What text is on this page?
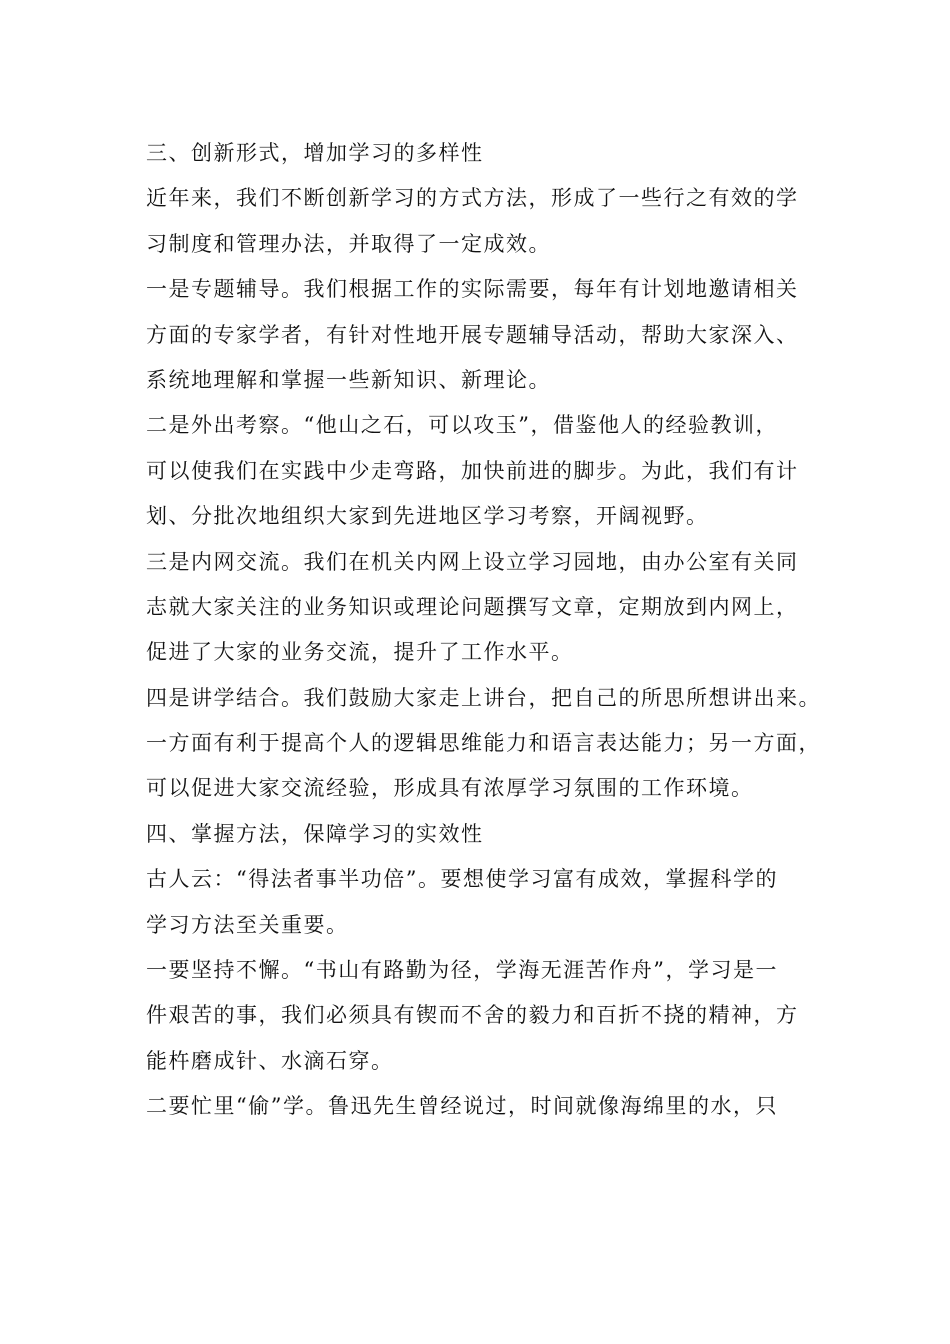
三、创新形式，增加学习的多样性
近年来，我们不断创新学习的方式方法，形成了一些行之有效的学
习制度和管理办法，并取得了一定成效。
一是专题辅导。我们根据工作的实际需要，每年有计划地邀请相关
方面的专家学者，有针对性地开展专题辅导活动，帮助大家深入、
系统地理解和掌握一些新知识、新理论。
二是外出考察。“他山之石，可以攻玉”，借鉴他人的经验教训，
可以使我们在实践中少走弯路，加快前进的脚步。为此，我们有计
划、分批次地组织大家到先进地区学习考察，开阔视野。
三是内网交流。我们在机关内网上设立学习园地，由办公室有关同
志就大家关注的业务知识或理论问题撰写文章，定期放到内网上，
促进了大家的业务交流，提升了工作水平。
四是讲学结合。我们鼓励大家走上讲台，把自己的所思所想讲出来。
一方面有利于提高个人的逻辑思维能力和语言表达能力；另一方面，
可以促进大家交流经验，形成具有浓厚学习氛围的工作环境。
四、掌握方法，保障学习的实效性
古人云：“得法者事半功倍”。要想使学习富有成效，掌握科学的
学习方法至关重要。
一要坚持不懈。“书山有路勤为径，学海无涯苦作舟”，学习是一
件艰苦的事，我们必须具有锲而不舍的毅力和百折不挠的精神，方
能杵磨成针、水滴石穿。
二要忙里“偷”学。鲁迅先生曾经说过，时间就像海绵里的水，只
